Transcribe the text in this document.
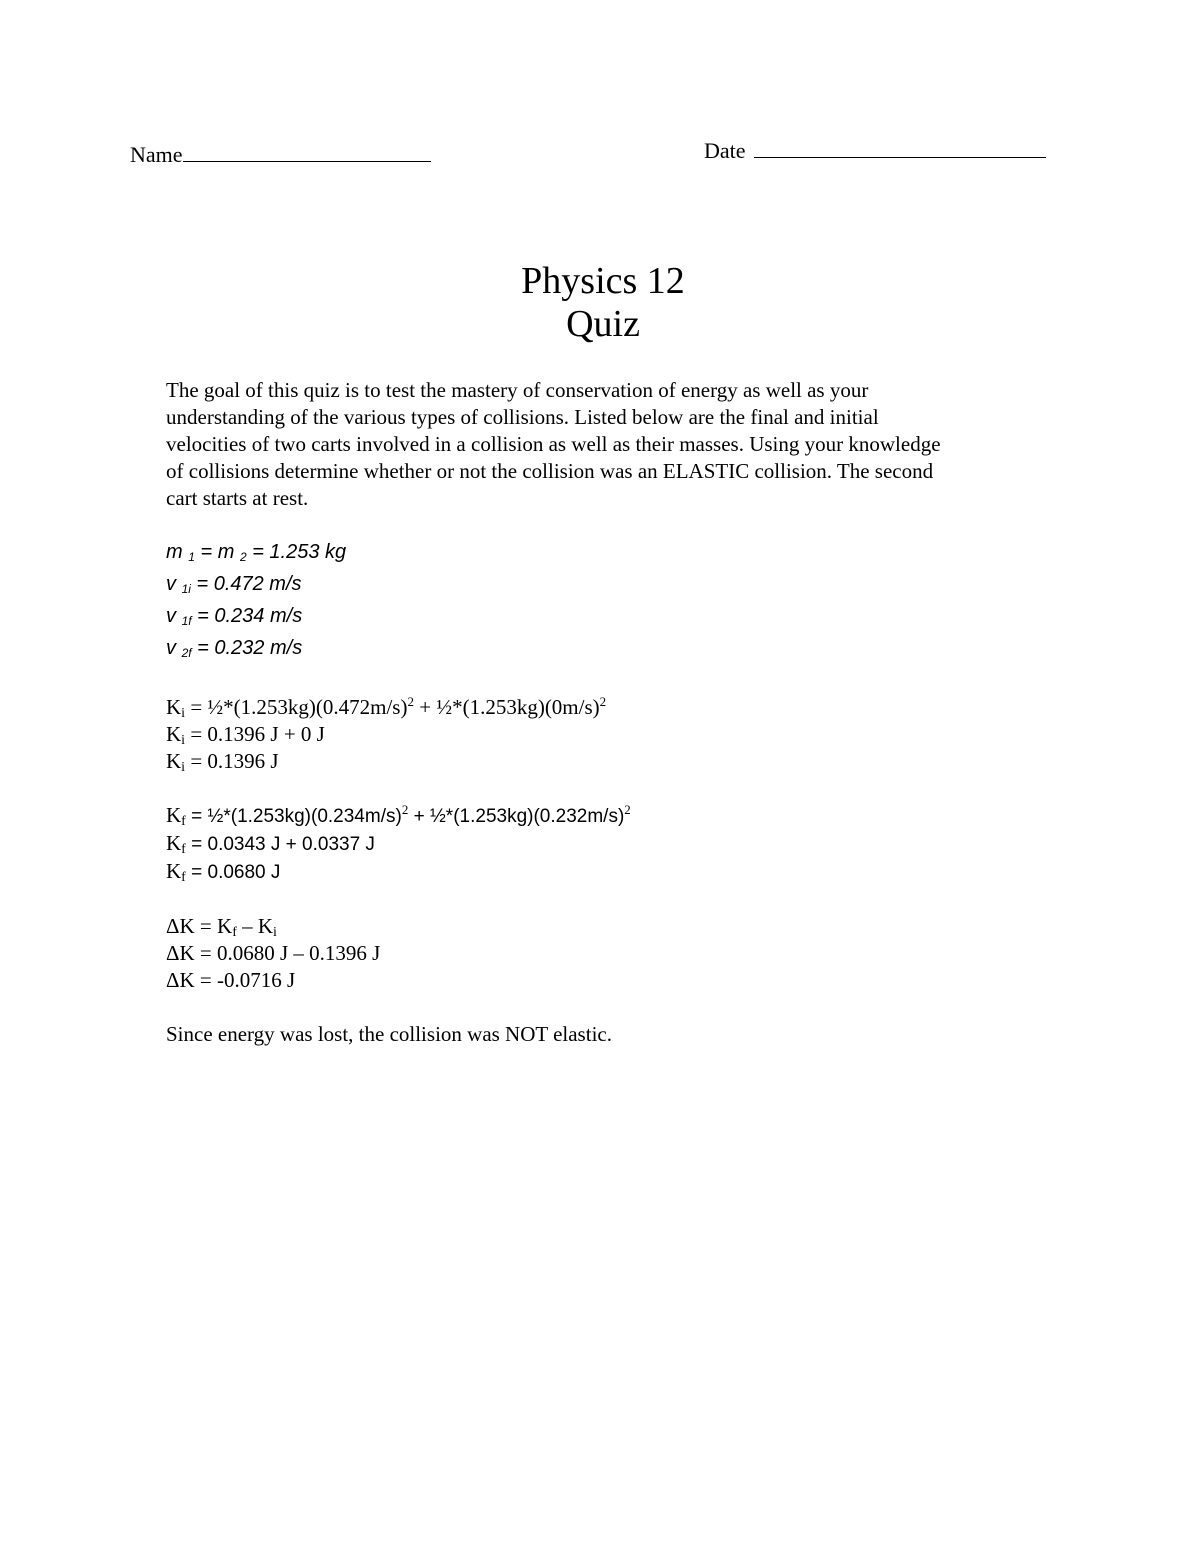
Name	Date
Physics 12
Quiz
The goal of this quiz is to test the mastery of conservation of energy as well as your
understanding of the various types of collisions. Listed below are the final and initial
velocities of two carts involved in a collision as well as their masses. Using your knowledge
of collisions determine whether or not the collision was an ELASTIC collision. The second
cart starts at rest.
m $_1$ = m $_2$ = 1.253 kg
v $_{1i}$ = 0.472 m/s
v $_{1f}$ = 0.234 m/s
v $_{2f}$ = 0.232 m/s
$K_i$ = $\frac{1}{2}*(1.253kg)(0.472m/s)^2$ + $\frac{1}{2}*(1.253kg)(0m/s)^2$
$K_i = 0.1396$ J + 0 J
$K_i = 0.1396$ J
$K_f$ = $\frac{1}{2}*(1.253kg)(0.234m/s)^2$ + $\frac{1}{2}*(1.253kg)(0.232m/s)^2$
$K_f = 0.0343$ J + 0.0337 J
$K_f = 0.0680$ J
$\Delta K = K_f - K_i$
ΔK = 0.0680 J – 0.1396 J
ΔK = -0.0716 J
Since energy was lost, the collision was NOT elastic.
